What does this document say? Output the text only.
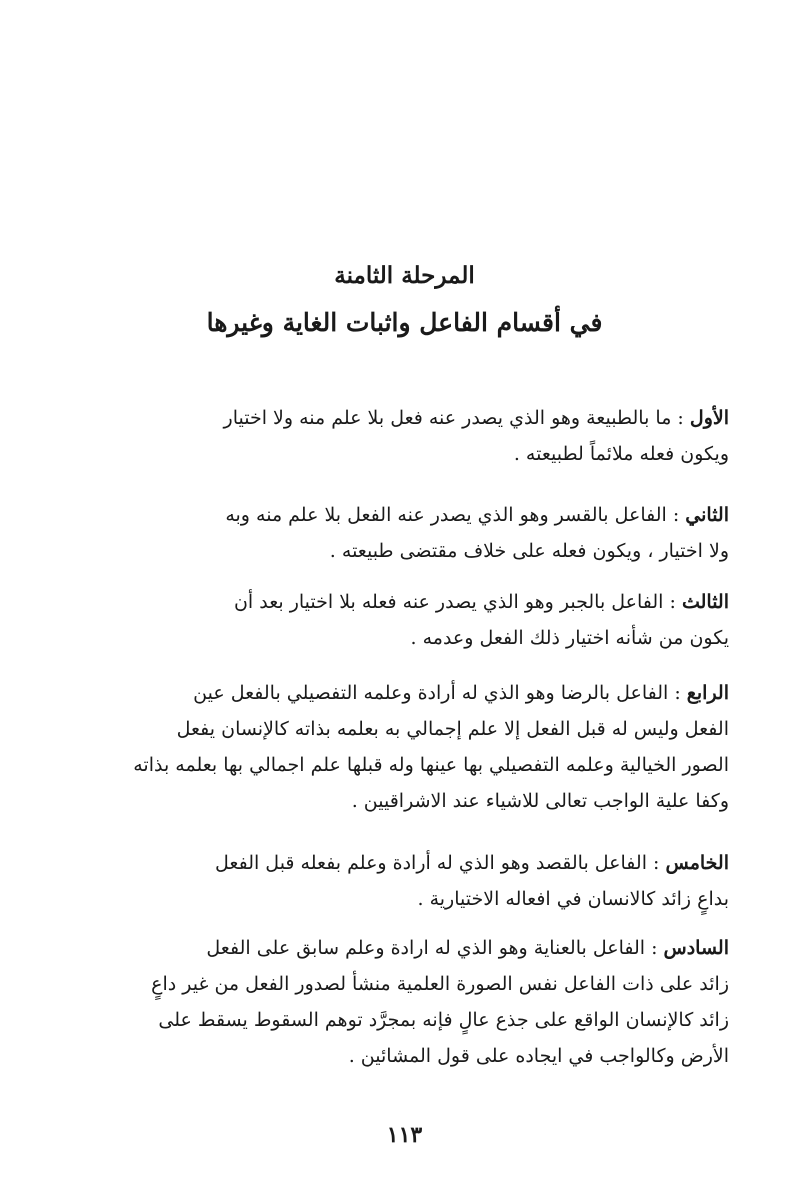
المرحلة الثامنة
في أقسام الفاعل واثبات الغاية وغيرها
الأول : ما بالطبيعة وهو الذي يصدر عنه فعل بلا علم منه ولا اختيار
ويكون فعله ملائماً لطبيعته .
الثاني : الفاعل بالقسر وهو الذي يصدر عنه الفعل بلا علم منه وبه
ولا اختيار ، ويكون فعله على خلاف مقتضى طبيعته .
الثالث : الفاعل بالجبر وهو الذي يصدر عنه فعله بلا اختيار بعد أن
يكون من شأنه اختيار ذلك الفعل وعدمه .
الرابع : الفاعل بالرضا وهو الذي له أرادة وعلمه التفصيلي بالفعل عين
الفعل وليس له قبل الفعل إلا علم إجمالي به بعلمه بذاته كالإنسان يفعل
الصور الخيالية وعلمه التفصيلي بها عينها وله قبلها علم اجمالي بها بعلمه بذاته
وكفا علية الواجب تعالى للاشياء عند الاشراقيين .
الخامس : الفاعل بالقصد وهو الذي له أرادة وعلم بفعله قبل الفعل
بداعٍ زائد كالانسان في افعاله الاختيارية .
السادس : الفاعل بالعناية وهو الذي له ارادة وعلم سابق على الفعل
زائد على ذات الفاعل نفس الصورة العلمية منشأ لصدور الفعل من غير داعٍ
زائد كالإنسان الواقع على جذع عالٍ فإنه بمجرَّد توهم السقوط يسقط على
الأرض وكالواجب في ايجاده على قول المشائين .
١١٣
